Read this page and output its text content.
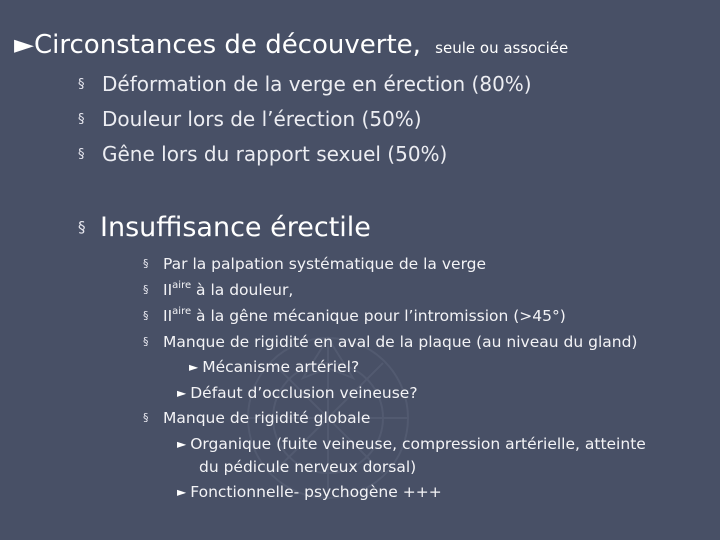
►Circonstances de découverte, seule ou associée
§ Déformation de la verge en érection (80%)
§ Douleur lors de l’érection (50%)
§ Gêne lors du rapport sexuel (50%)
§ Insuffisance érectile
§ Par la palpation systématique de la verge
§ $II^{aire}$ à la douleur,
§ $II^{aire}$ à la gêne mécanique pour l’intromission (>45°)
§ Manque de rigidité en aval de la plaque (au niveau du gland)
► Mécanisme artériel?
► Défaut d’occlusion veineuse?
§ Manque de rigidité globale
► Organique (fuite veineuse, compression artérielle, atteinte
du pédicule nerveux dorsal)
► Fonctionnelle- psychogène +++
